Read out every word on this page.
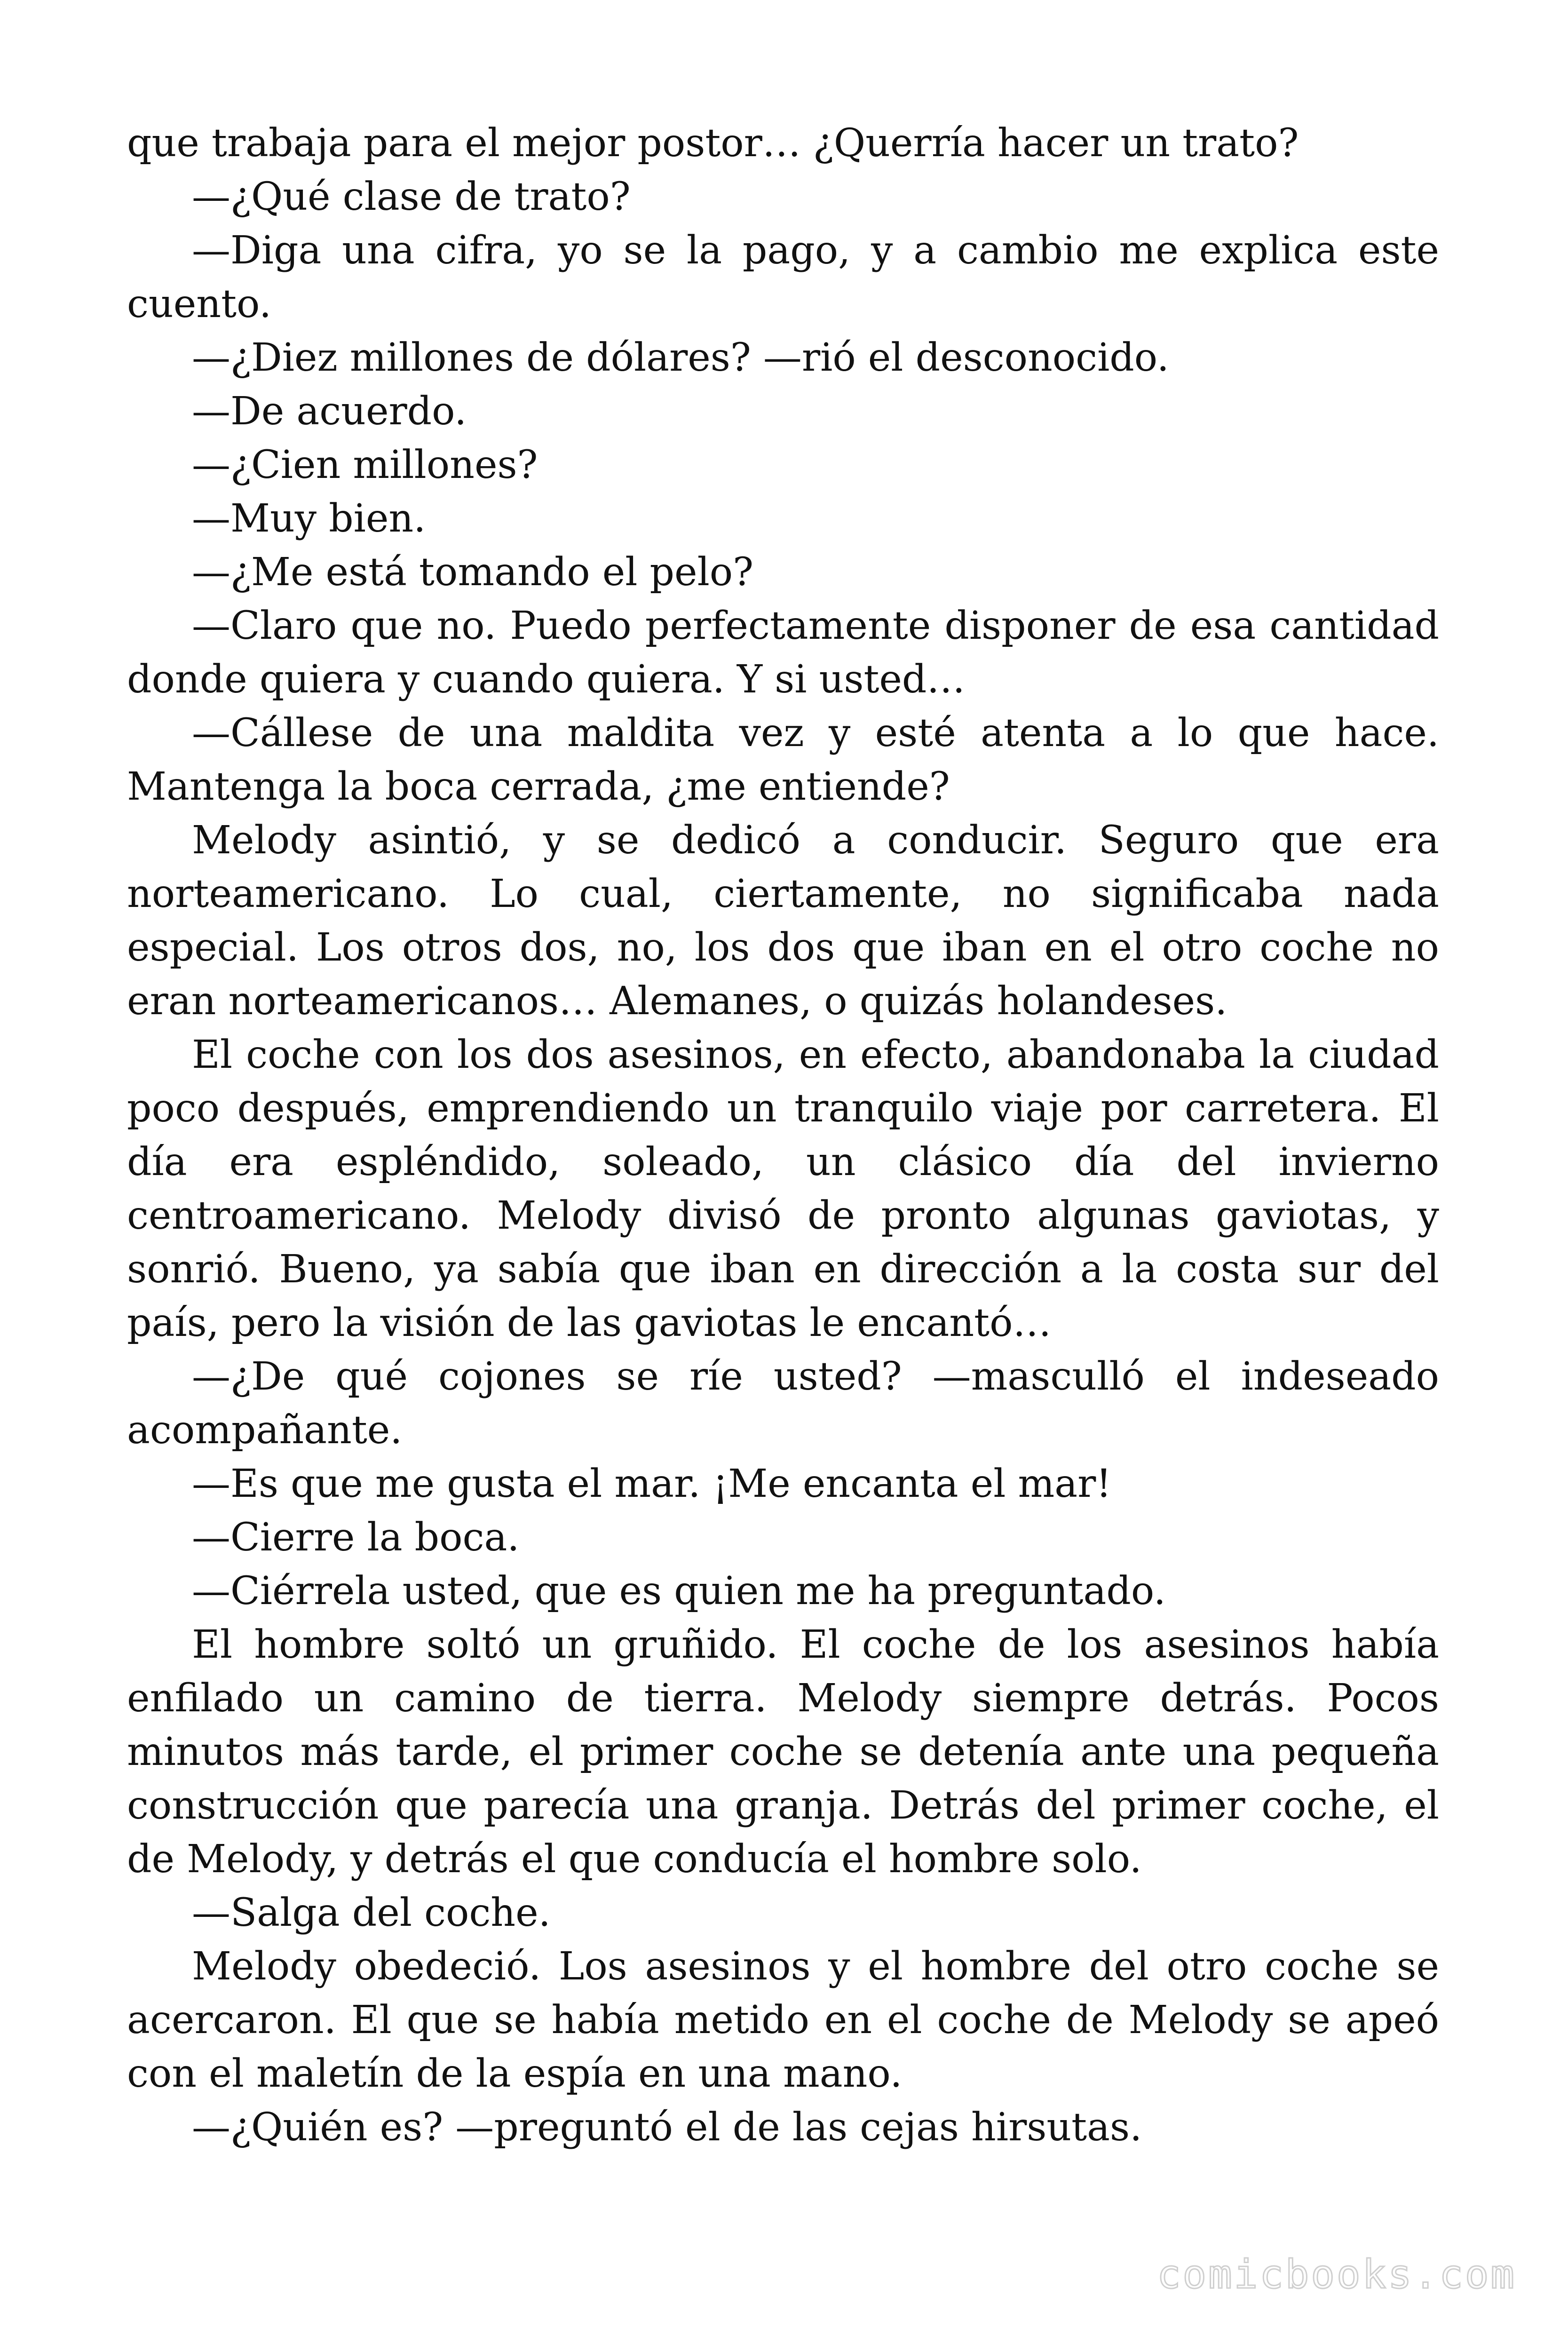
que trabaja para el mejor postor… ¿Querría hacer un trato?

—¿Qué clase de trato?

—Diga una cifra, yo se la pago, y a cambio me explica este cuento.

—¿Diez millones de dólares? —rió el desconocido.

—De acuerdo.

—¿Cien millones?

—Muy bien.

—¿Me está tomando el pelo?

—Claro que no. Puedo perfectamente disponer de esa cantidad donde quiera y cuando quiera. Y si usted…

—Cállese de una maldita vez y esté atenta a lo que hace. Mantenga la boca cerrada, ¿me entiende?

Melody asintió, y se dedicó a conducir. Seguro que era norteamericano. Lo cual, ciertamente, no significaba nada especial. Los otros dos, no, los dos que iban en el otro coche no eran norteamericanos… Alemanes, o quizás holandeses.

El coche con los dos asesinos, en efecto, abandonaba la ciudad poco después, emprendiendo un tranquilo viaje por carretera. El día era espléndido, soleado, un clásico día del invierno centroamericano. Melody divisó de pronto algunas gaviotas, y sonrió. Bueno, ya sabía que iban en dirección a la costa sur del país, pero la visión de las gaviotas le encantó…

—¿De qué cojones se ríe usted? —masculló el indeseado acompañante.

—Es que me gusta el mar. ¡Me encanta el mar!

—Cierre la boca.

—Ciérrela usted, que es quien me ha preguntado.

El hombre soltó un gruñido. El coche de los asesinos había enfilado un camino de tierra. Melody siempre detrás. Pocos minutos más tarde, el primer coche se detenía ante una pequeña construcción que parecía una granja. Detrás del primer coche, el de Melody, y detrás el que conducía el hombre solo.

—Salga del coche.

Melody obedeció. Los asesinos y el hombre del otro coche se acercaron. El que se había metido en el coche de Melody se apeó con el maletín de la espía en una mano.

—¿Quién es? —preguntó el de las cejas hirsutas.

comicbooks.com
